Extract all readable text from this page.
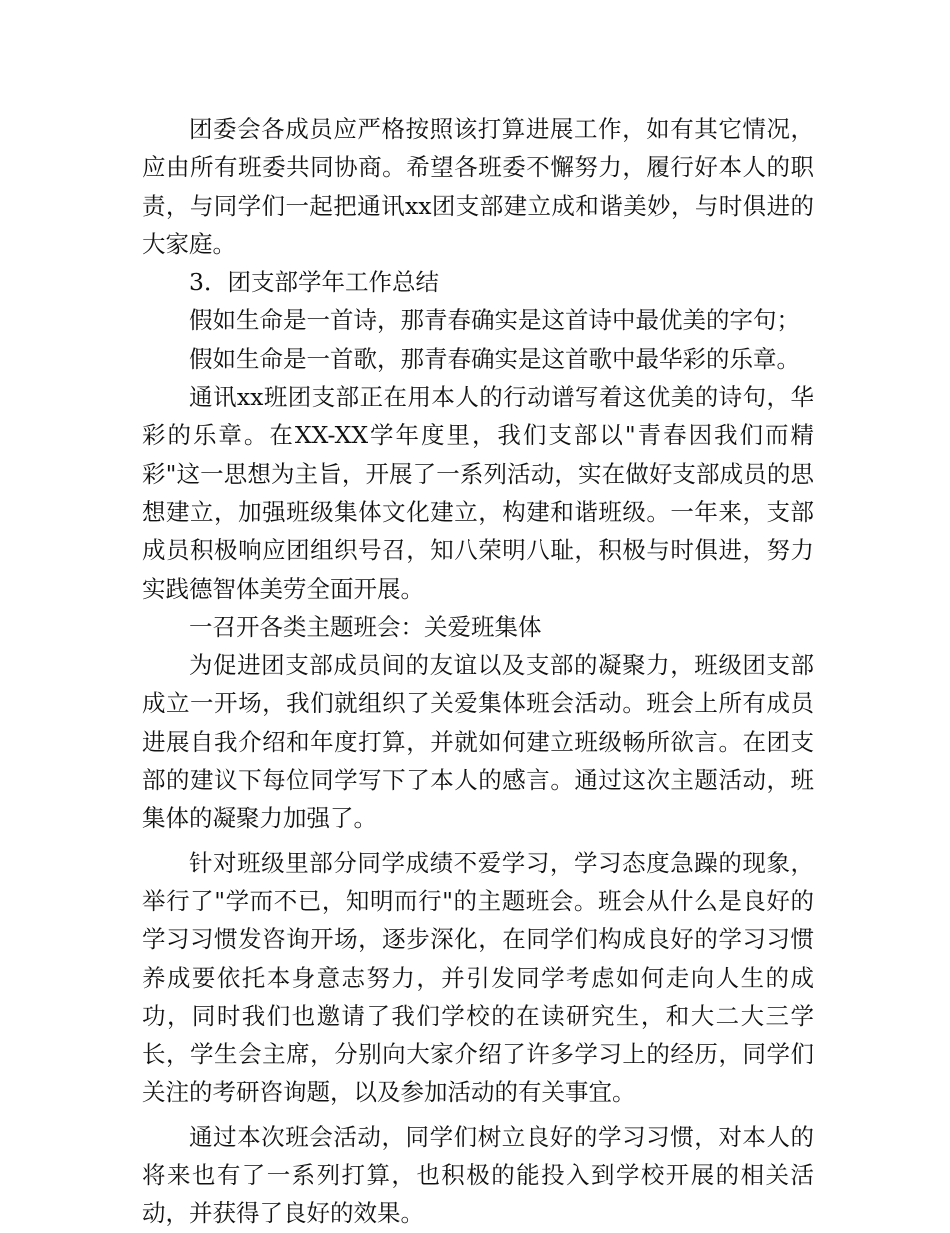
团委会各成员应严格按照该打算进展工作，如有其它情况，应由所有班委共同协商。希望各班委不懈努力，履行好本人的职责，与同学们一起把通讯xx团支部建立成和谐美妙，与时俱进的大家庭。

3．团支部学年工作总结

假如生命是一首诗，那青春确实是这首诗中最优美的字句；

假如生命是一首歌，那青春确实是这首歌中最华彩的乐章。

通讯xx班团支部正在用本人的行动谱写着这优美的诗句，华彩的乐章。在XX-XX学年度里，我们支部以"青春因我们而精彩"这一思想为主旨，开展了一系列活动，实在做好支部成员的思想建立，加强班级集体文化建立，构建和谐班级。一年来，支部成员积极响应团组织号召，知八荣明八耻，积极与时俱进，努力实践德智体美劳全面开展。

一召开各类主题班会：关爱班集体

为促进团支部成员间的友谊以及支部的凝聚力，班级团支部成立一开场，我们就组织了关爱集体班会活动。班会上所有成员进展自我介绍和年度打算，并就如何建立班级畅所欲言。在团支部的建议下每位同学写下了本人的感言。通过这次主题活动，班集体的凝聚力加强了。

针对班级里部分同学成绩不爱学习，学习态度急躁的现象，举行了"学而不已，知明而行"的主题班会。班会从什么是良好的学习习惯发咨询开场，逐步深化，在同学们构成良好的学习习惯养成要依托本身意志努力，并引发同学考虑如何走向人生的成功，同时我们也邀请了我们学校的在读研究生，和大二大三学长，学生会主席，分别向大家介绍了许多学习上的经历，同学们关注的考研咨询题，以及参加活动的有关事宜。

通过本次班会活动，同学们树立良好的学习习惯，对本人的将来也有了一系列打算，也积极的能投入到学校开展的相关活动，并获得了良好的效果。
